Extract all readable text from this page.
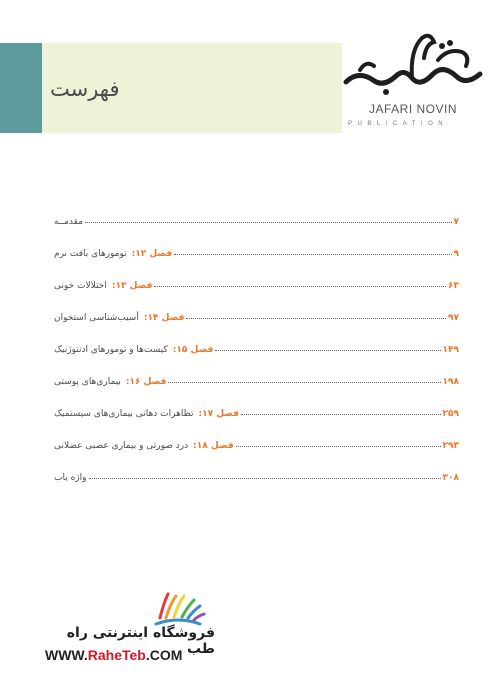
فهرست
JAFARI NOVIN
PUBLICATION
مقدمــه	۷
فصل ۱۲:
تومورهای بافت نرم	۹
فصل ۱۳:
اختلالات خونی	۶۳
فصل ۱۴:
آسیب‌شناسی استخوان	۹۷
فصل ۱۵:
کیست‌ها و تومورهای ادنتوژنیک	۱۴۹
فصل ۱۶:
بیماری‌های پوستی	۱۹۸
فصل ۱۷:
تظاهرات دهانی بیماری‌های سیستمیک	۲۵۹
فصل ۱۸:
درد صورتی و بیماری عصبی عضلانی	۲۹۳
واژه یاب	۳۰۸
فروشگاه اینترنتی راه طب
WWW.RaheTeb.COM
